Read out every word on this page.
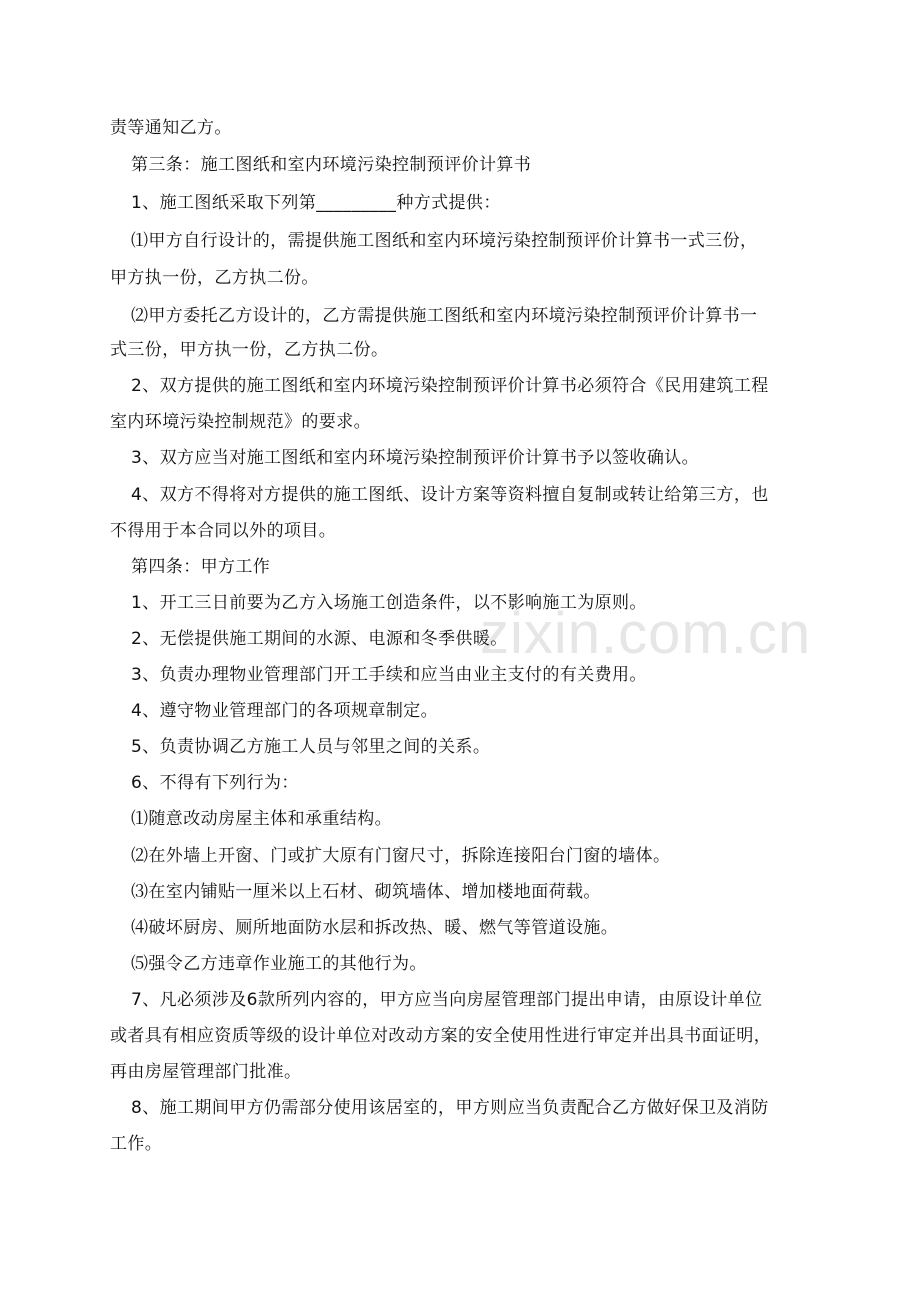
zixin.com.cn
责等通知乙方。
第三条：施工图纸和室内环境污染控制预评价计算书
1、施工图纸采取下列第_________种方式提供：
⑴甲方自行设计的，需提供施工图纸和室内环境污染控制预评价计算书一式三份，
甲方执一份，乙方执二份。
⑵甲方委托乙方设计的，乙方需提供施工图纸和室内环境污染控制预评价计算书一
式三份，甲方执一份，乙方执二份。
2、双方提供的施工图纸和室内环境污染控制预评价计算书必须符合《民用建筑工程
室内环境污染控制规范》的要求。
3、双方应当对施工图纸和室内环境污染控制预评价计算书予以签收确认。
4、双方不得将对方提供的施工图纸、设计方案等资料擅自复制或转让给第三方，也
不得用于本合同以外的项目。
第四条：甲方工作
1、开工三日前要为乙方入场施工创造条件，以不影响施工为原则。
2、无偿提供施工期间的水源、电源和冬季供暖。
3、负责办理物业管理部门开工手续和应当由业主支付的有关费用。
4、遵守物业管理部门的各项规章制定。
5、负责协调乙方施工人员与邻里之间的关系。
6、不得有下列行为：
⑴随意改动房屋主体和承重结构。
⑵在外墙上开窗、门或扩大原有门窗尺寸，拆除连接阳台门窗的墙体。
⑶在室内铺贴一厘米以上石材、砌筑墙体、增加楼地面荷载。
⑷破坏厨房、厕所地面防水层和拆改热、暖、燃气等管道设施。
⑸强令乙方违章作业施工的其他行为。
7、凡必须涉及6款所列内容的，甲方应当向房屋管理部门提出申请，由原设计单位
或者具有相应资质等级的设计单位对改动方案的安全使用性进行审定并出具书面证明，
再由房屋管理部门批准。
8、施工期间甲方仍需部分使用该居室的，甲方则应当负责配合乙方做好保卫及消防
工作。
